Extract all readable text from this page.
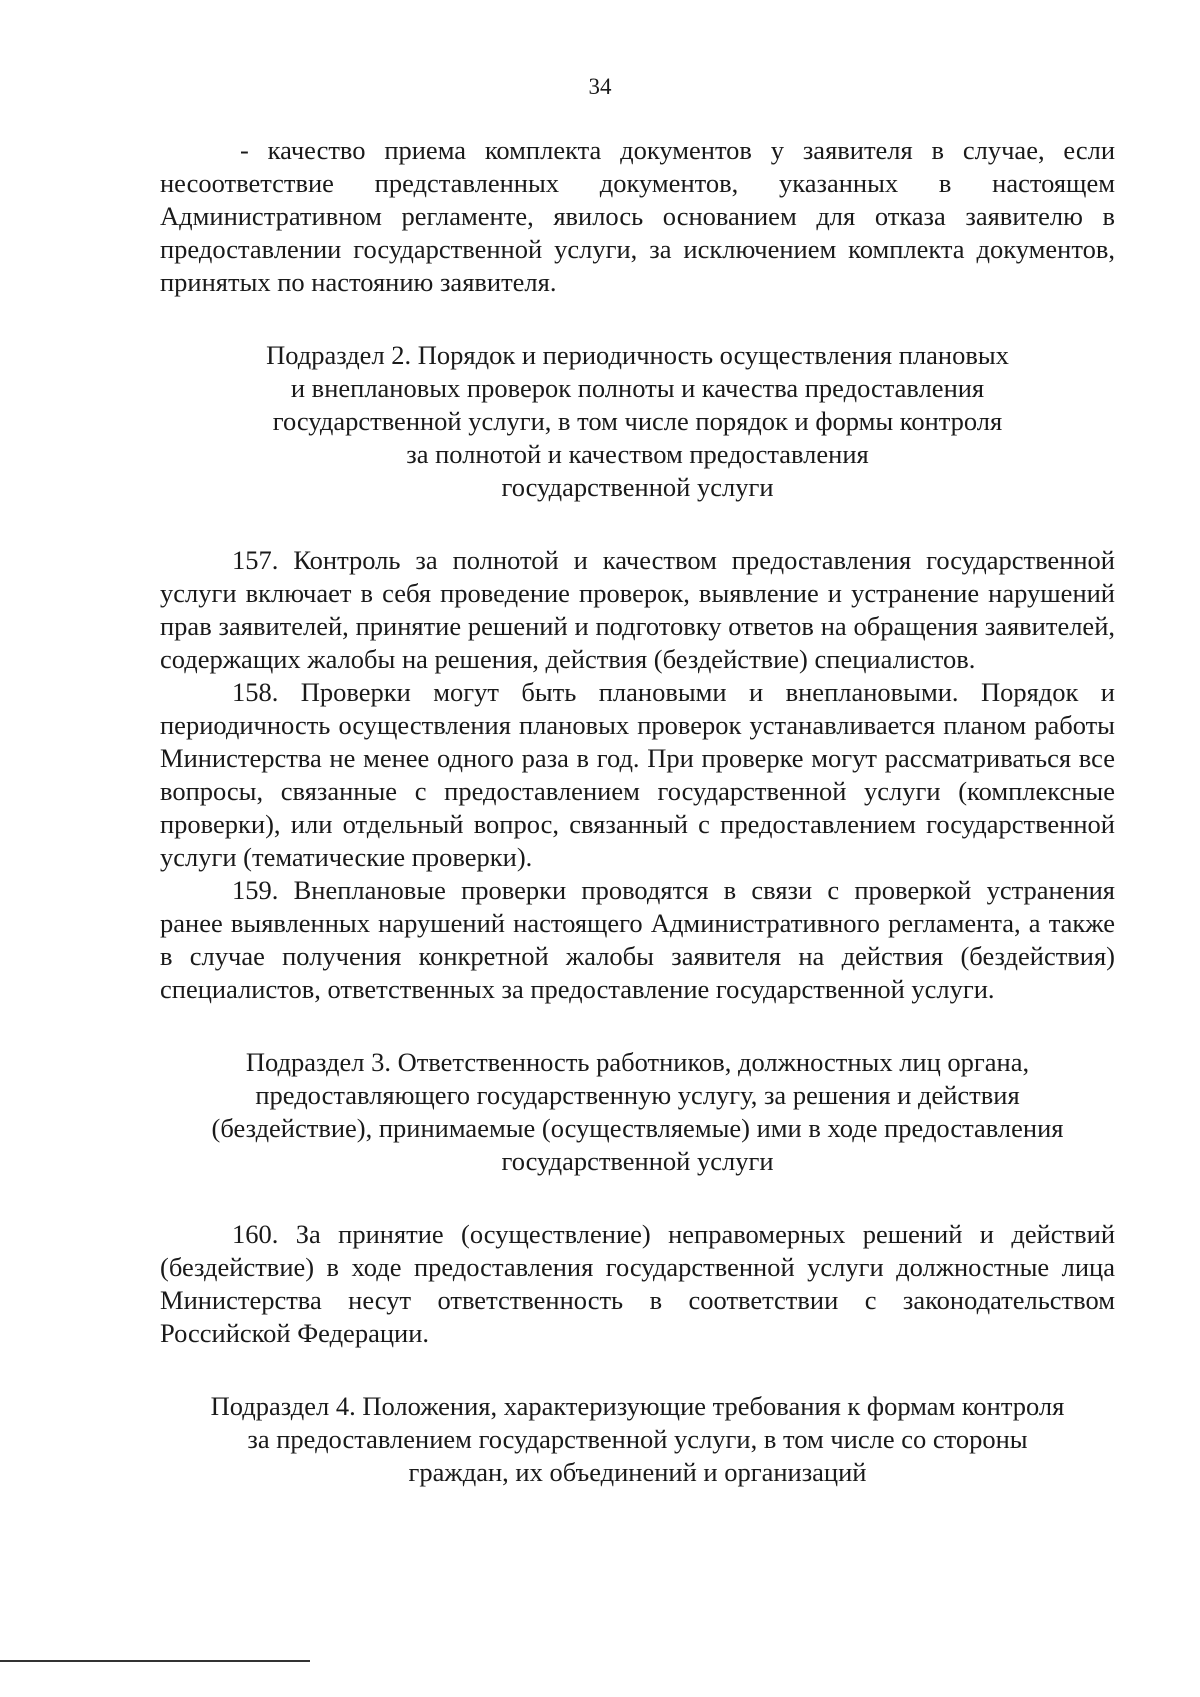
34

- качество приема комплекта документов у заявителя в случае, если несоответствие представленных документов, указанных в настоящем Административном регламенте, явилось основанием для отказа заявителю в предоставлении государственной услуги, за исключением комплекта документов, принятых по настоянию заявителя.

Подраздел 2. Порядок и периодичность осуществления плановых
и внеплановых проверок полноты и качества предоставления
государственной услуги, в том числе порядок и формы контроля
за полнотой и качеством предоставления
государственной услуги

157. Контроль за полнотой и качеством предоставления государственной услуги включает в себя проведение проверок, выявление и устранение нарушений прав заявителей, принятие решений и подготовку ответов на обращения заявителей, содержащих жалобы на решения, действия (бездействие) специалистов.

158. Проверки могут быть плановыми и внеплановыми. Порядок и периодичность осуществления плановых проверок устанавливается планом работы Министерства не менее одного раза в год. При проверке могут рассматриваться все вопросы, связанные с предоставлением государственной услуги (комплексные проверки), или отдельный вопрос, связанный с предоставлением государственной услуги (тематические проверки).

159. Внеплановые проверки проводятся в связи с проверкой устранения ранее выявленных нарушений настоящего Административного регламента, а также в случае получения конкретной жалобы заявителя на действия (бездействия) специалистов, ответственных за предоставление государственной услуги.

Подраздел 3. Ответственность работников, должностных лиц органа,
предоставляющего государственную услугу, за решения и действия
(бездействие), принимаемые (осуществляемые) ими в ходе предоставления
государственной услуги

160. За принятие (осуществление) неправомерных решений и действий (бездействие) в ходе предоставления государственной услуги должностные лица Министерства несут ответственность в соответствии с законодательством Российской Федерации.

Подраздел 4. Положения, характеризующие требования к формам контроля
за предоставлением государственной услуги, в том числе со стороны
граждан, их объединений и организаций
